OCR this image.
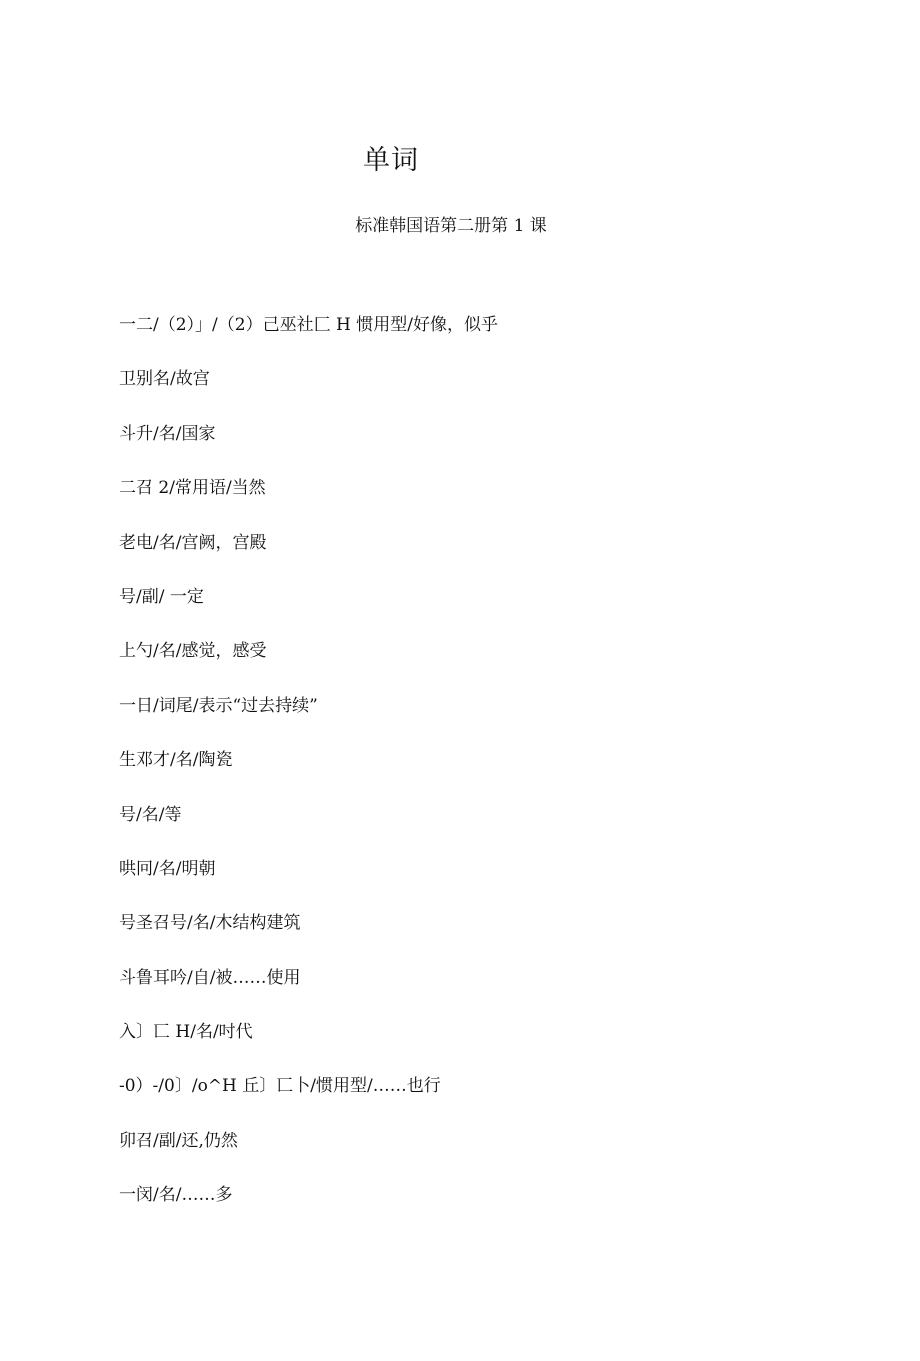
单词

标准韩国语第二册第 1 课

一二/（2）」/（2）己巫社匚 H 惯用型/好像，似乎
卫别名/故宫
斗升/名/国家
二召 2/常用语/当然
老电/名/宫阙，宫殿
号/副/ 一定
上勺/名/感觉，感受
一日/词尾/表示“过去持续”
生邓才/名/陶瓷
号/名/等
哄冋/名/明朝
号圣召号/名/木结构建筑
斗鲁耳吟/自/被……使用
入〕匸 H/名/吋代
-0）-/0〕/o^H 丘〕匸卜/惯用型/……也行
卯召/副/还,仍然
一闵/名/……多
